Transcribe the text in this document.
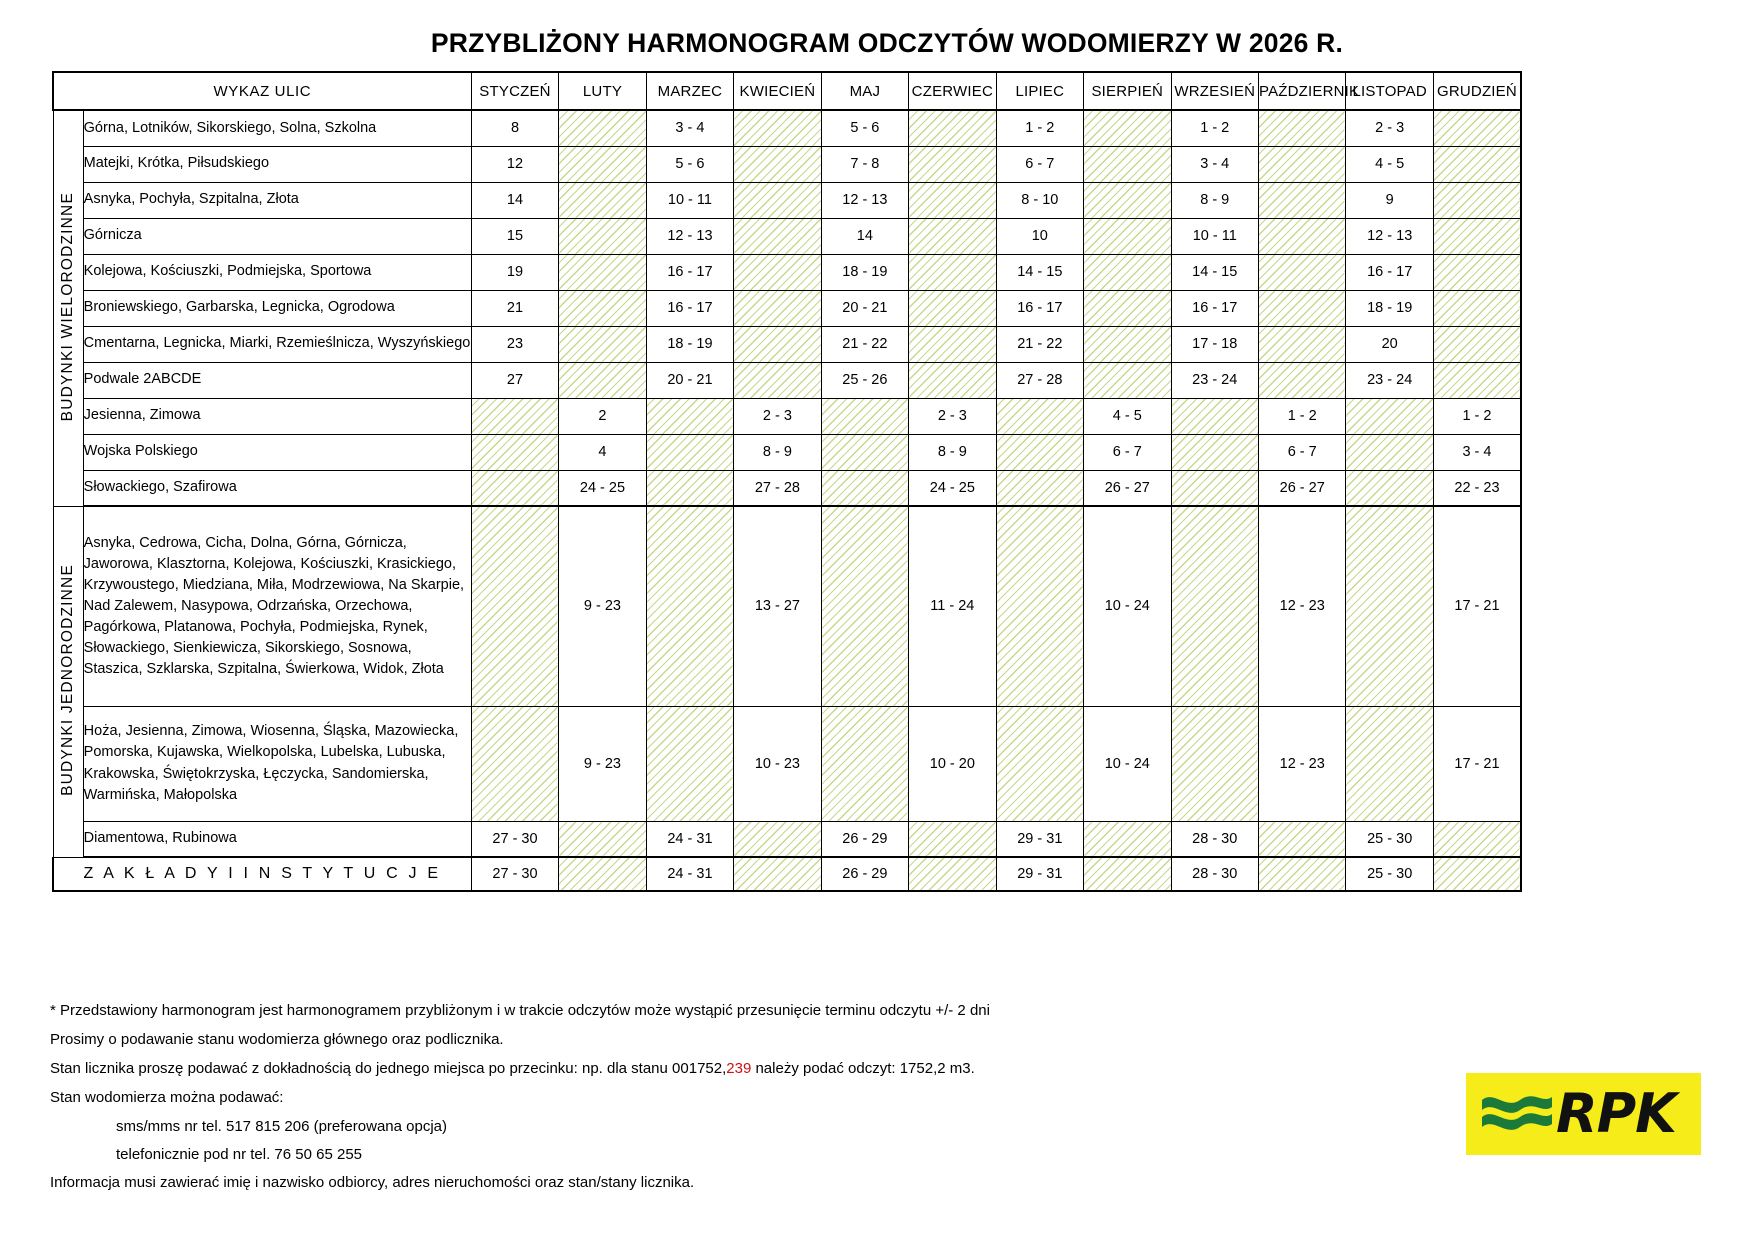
PRZYBLIŻONY HARMONOGRAM ODCZYTÓW WODOMIERZY W 2026 R.
WYKAZ ULIC		STYCZEŃ	LUTY	MARZEC	KWIECIEŃ	MAJ	CZERWIEC	LIPIEC	SIERPIEŃ	WRZESIEŃ	PAŹDZIERNIK	LISTOPAD	GRUDZIEŃ
BUDYNKI WIELORODZINNE	Górna, Lotników, Sikorskiego, Solna, Szkolna	8		3 - 4		5 - 6		1 - 2		1 - 2		2 - 3	
	Matejki, Krótka, Piłsudskiego	12		5 - 6		7 - 8		6 - 7		3 - 4		4 - 5	
	Asnyka, Pochyła, Szpitalna, Złota	14		10 - 11		12 - 13		8 - 10		8 - 9		9	
	Górnicza	15		12 - 13		14		10		10 - 11		12 - 13	
	Kolejowa, Kościuszki, Podmiejska, Sportowa	19		16 - 17		18 - 19		14 - 15		14 - 15		16 - 17	
	Broniewskiego, Garbarska, Legnicka, Ogrodowa	21		16 - 17		20 - 21		16 - 17		16 - 17		18 - 19	
	Cmentarna, Legnicka, Miarki, Rzemieślnicza, Wyszyńskiego	23		18 - 19		21 - 22		21 - 22		17 - 18		20	
	Podwale 2ABCDE	27		20 - 21		25 - 26		27 - 28		23 - 24		23 - 24	
	Jesienna, Zimowa		2		2 - 3		2 - 3		4 - 5		1 - 2		1 - 2
	Wojska Polskiego		4		8 - 9		8 - 9		6 - 7		6 - 7		3 - 4
	Słowackiego, Szafirowa		24 - 25		27 - 28		24 - 25		26 - 27		26 - 27		22 - 23
BUDYNKI JEDNORODZINNE	Asnyka, Cedrowa, Cicha, Dolna, Górna, Górnicza, Jaworowa, Klasztorna, Kolejowa, Kościuszki, Krasickiego, Krzywoustego, Miedziana, Miła, Modrzewiowa, Na Skarpie, Nad Zalewem, Nasypowa, Odrzańska, Orzechowa, Pagórkowa, Platanowa, Pochyła, Podmiejska, Rynek, Słowackiego, Sienkiewicza, Sikorskiego, Sosnowa, Staszica, Szklarska, Szpitalna, Świerkowa, Widok, Złota		9 - 23		13 - 27		11 - 24		10 - 24		12 - 23		17 - 21
	Hoża, Jesienna, Zimowa, Wiosenna, Śląska, Mazowiecka, Pomorska, Kujawska, Wielkopolska, Lubelska, Lubuska, Krakowska, Świętokrzyska, Łęczycka, Sandomierska, Warmińska, Małopolska		9 - 23		10 - 23		10 - 20		10 - 24		12 - 23		17 - 21
	Diamentowa, Rubinowa	27 - 30		24 - 31		26 - 29		29 - 31		28 - 30		25 - 30	
Z A K Ł A D Y I I N S T Y T U C J E		27 - 30		24 - 31		26 - 29		29 - 31		28 - 30		25 - 30	

* Przedstawiony harmonogram jest harmonogramem przybliżonym i w trakcie odczytów może wystąpić przesunięcie terminu odczytu +/- 2 dni

Prosimy o podawanie stanu wodomierza głównego oraz podlicznika.

Stan licznika proszę podawać z dokładnością do jednego miejsca po przecinku: np. dla stanu 001752,239 należy podać odczyt: 1752,2 m3.

Stan wodomierza można podawać:

sms/mms nr tel. 517 815 206 (preferowana opcja)

telefonicznie pod nr tel. 76 50 65 255

Informacja musi zawierać imię i nazwisko odbiorcy, adres nieruchomości oraz stan/stany licznika.

RPK
